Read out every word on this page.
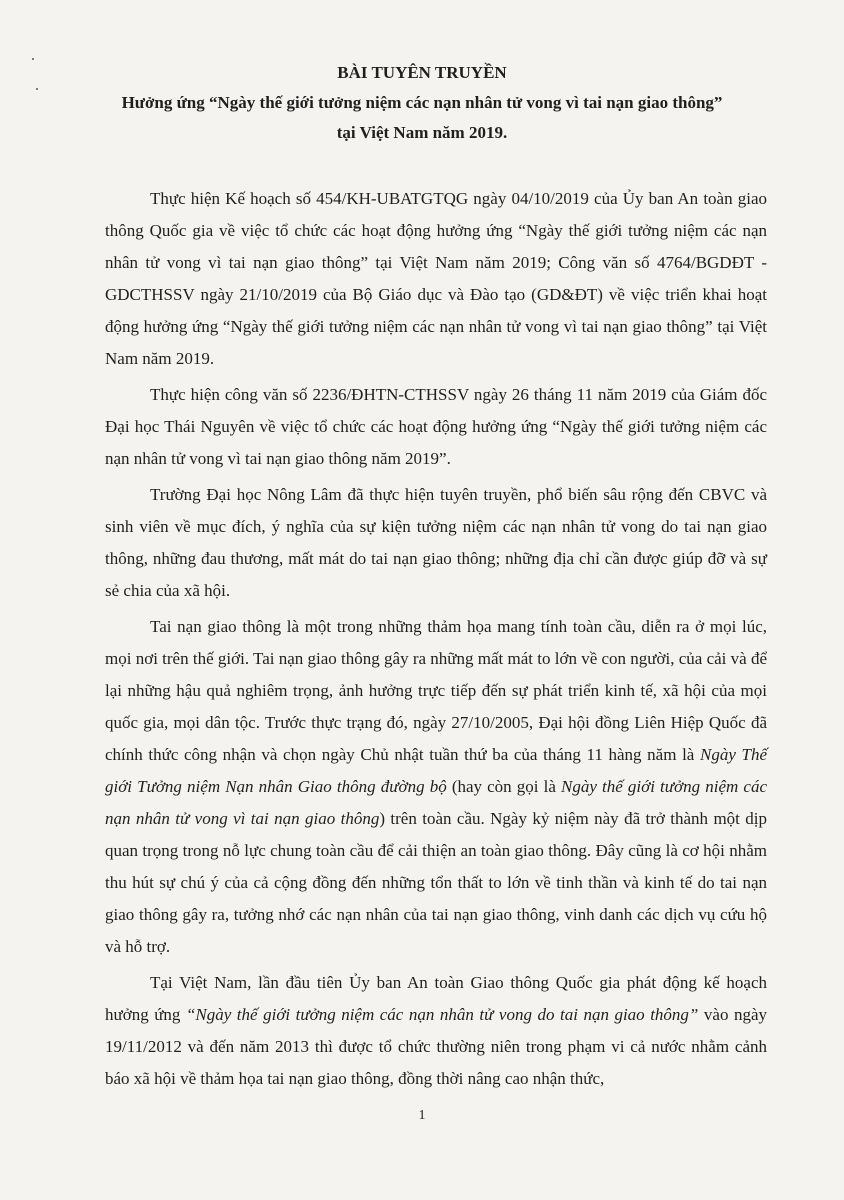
BÀI TUYÊN TRUYỀN

Hưởng ứng “Ngày thế giới tưởng niệm các nạn nhân tử vong vì tai nạn giao thông”

tại Việt Nam năm 2019.

Thực hiện Kế hoạch số 454/KH-UBATGTQG ngày 04/10/2019 của Ủy ban An toàn giao thông Quốc gia về việc tổ chức các hoạt động hưởng ứng “Ngày thế giới tưởng niệm các nạn nhân tử vong vì tai nạn giao thông” tại Việt Nam năm 2019; Công văn số 4764/BGDĐT - GDCTHSSV ngày 21/10/2019 của Bộ Giáo dục và Đào tạo (GD&ĐT) về việc triển khai hoạt động hưởng ứng “Ngày thế giới tưởng niệm các nạn nhân tử vong vì tai nạn giao thông” tại Việt Nam năm 2019.

Thực hiện công văn số 2236/ĐHTN-CTHSSV ngày 26 tháng 11 năm 2019 của Giám đốc Đại học Thái Nguyên về việc tổ chức các hoạt động hưởng ứng “Ngày thế giới tưởng niệm các nạn nhân tử vong vì tai nạn giao thông năm 2019”.

Trường Đại học Nông Lâm đã thực hiện tuyên truyền, phổ biến sâu rộng đến CBVC và sinh viên về mục đích, ý nghĩa của sự kiện tưởng niệm các nạn nhân tử vong do tai nạn giao thông, những đau thương, mất mát do tai nạn giao thông; những địa chỉ cần được giúp đỡ và sự sẻ chia của xã hội.

Tai nạn giao thông là một trong những thảm họa mang tính toàn cầu, diễn ra ở mọi lúc, mọi nơi trên thế giới. Tai nạn giao thông gây ra những mất mát to lớn về con người, của cải và để lại những hậu quả nghiêm trọng, ảnh hưởng trực tiếp đến sự phát triển kinh tế, xã hội của mọi quốc gia, mọi dân tộc. Trước thực trạng đó, ngày 27/10/2005, Đại hội đồng Liên Hiệp Quốc đã chính thức công nhận và chọn ngày Chủ nhật tuần thứ ba của tháng 11 hàng năm là Ngày Thế giới Tưởng niệm Nạn nhân Giao thông đường bộ (hay còn gọi là Ngày thế giới tưởng niệm các nạn nhân tử vong vì tai nạn giao thông) trên toàn cầu. Ngày kỷ niệm này đã trở thành một dịp quan trọng trong nỗ lực chung toàn cầu để cải thiện an toàn giao thông. Đây cũng là cơ hội nhằm thu hút sự chú ý của cả cộng đồng đến những tổn thất to lớn về tinh thần và kinh tế do tai nạn giao thông gây ra, tưởng nhớ các nạn nhân của tai nạn giao thông, vinh danh các dịch vụ cứu hộ và hỗ trợ.

Tại Việt Nam, lần đầu tiên Ủy ban An toàn Giao thông Quốc gia phát động kế hoạch hưởng ứng “Ngày thế giới tưởng niệm các nạn nhân tử vong do tai nạn giao thông” vào ngày 19/11/2012 và đến năm 2013 thì được tổ chức thường niên trong phạm vi cả nước nhằm cảnh báo xã hội về thảm họa tai nạn giao thông, đồng thời nâng cao nhận thức,

1
